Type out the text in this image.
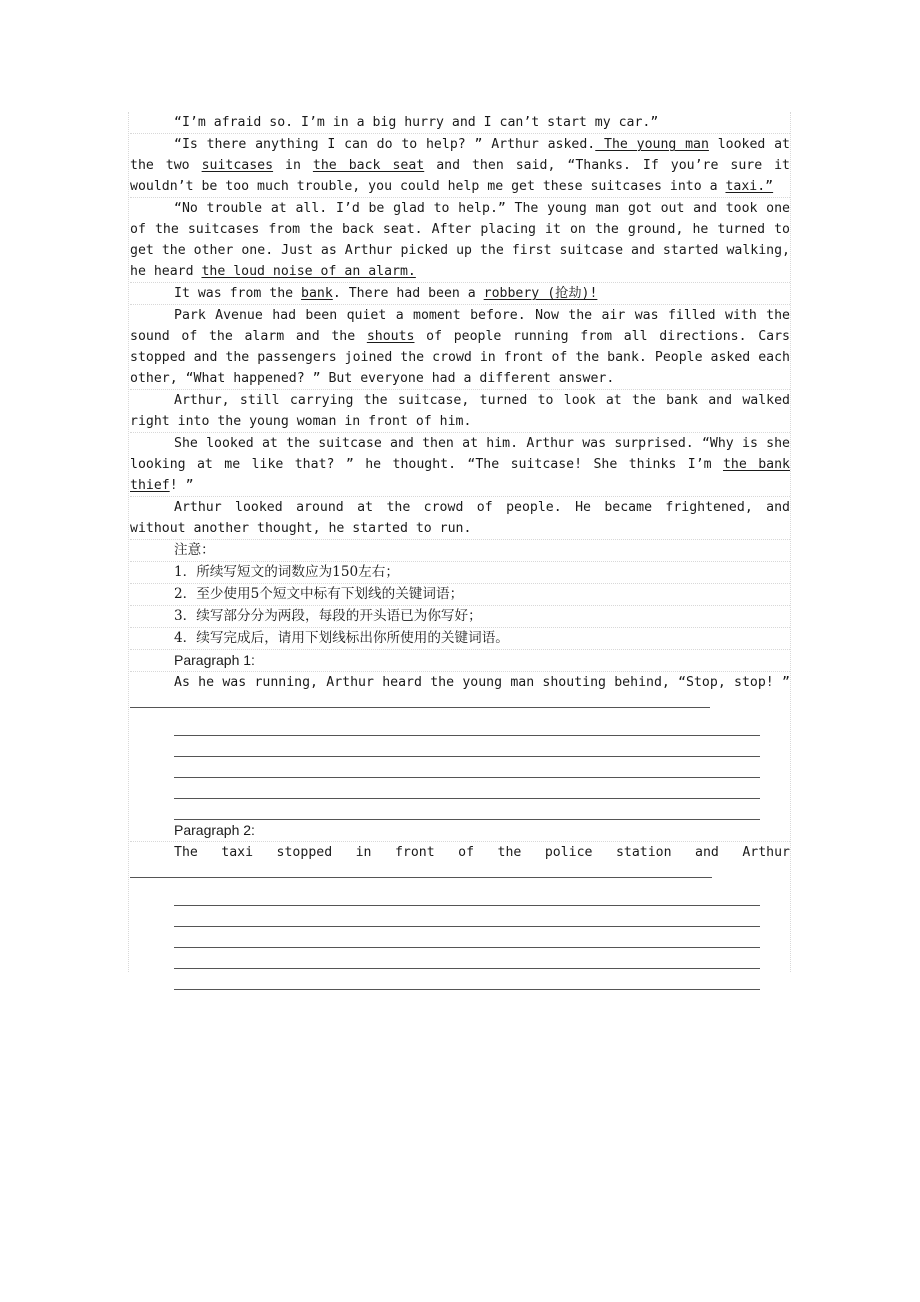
“I’m afraid so. I’m in a big hurry and I can’t start my car.”

“Is there anything I can do to help? ” Arthur asked. The young man looked at the two suitcases in the back seat and then said, “Thanks. If you’re sure it wouldn’t be too much trouble, you could help me get these suitcases into a taxi.”

“No trouble at all. I’d be glad to help.” The young man got out and took one of the suitcases from the back seat. After placing it on the ground, he turned to get the other one. Just as Arthur picked up the first suitcase and started walking, he heard the loud noise of an alarm.

It was from the bank. There had been a robbery (抢劫)!

Park Avenue had been quiet a moment before. Now the air was filled with the sound of the alarm and the shouts of people running from all directions. Cars stopped and the passengers joined the crowd in front of the bank. People asked each other, “What happened? ” But everyone had a different answer.

Arthur, still carrying the suitcase, turned to look at the bank and walked right into the young woman in front of him.

She looked at the suitcase and then at him. Arthur was surprised. “Why is she looking at me like that? ” he thought. “The suitcase! She thinks I’m the bank thief! ”

Arthur looked around at the crowd of people. He became frightened, and without another thought, he started to run.

注意：

1．所续写短文的词数应为150左右；

2．至少使用5个短文中标有下划线的关键词语；

3．续写部分分为两段，每段的开头语已为你写好；

4．续写完成后，请用下划线标出你所使用的关键词语。

Paragraph 1:

As he was running, Arthur heard the young man shouting behind, “Stop, stop! ”

Paragraph 2:

The taxi stopped in front of the police station and Arthur
